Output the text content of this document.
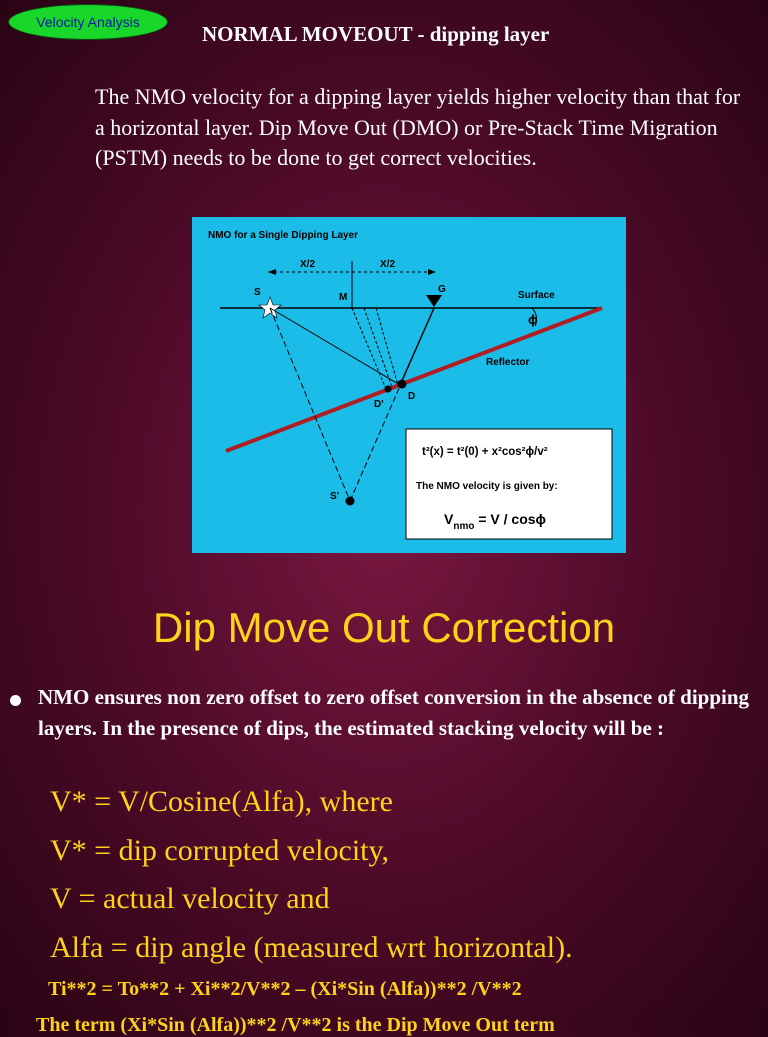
Velocity Analysis	NORMAL MOVEOUT - dipping layer
The NMO velocity for a dipping layer yields higher velocity than that for a horizontal layer. Dip Move Out (DMO) or Pre-Stack Time Migration (PSTM) needs to be done to get correct velocities.
NMO for a Single Dipping Layer
X/2	X/2
Surface
S	M
G
Reflector
ϕ
D
D'
S'
t²(x) = t²(0) + x²cos²ϕ/v²
The NMO velocity is given by:
$V_{nmo} = V / \cos\phi$
Dip Move Out Correction
NMO ensures non zero offset to zero offset conversion in the absence of dipping layers. In the presence of dips, the estimated stacking velocity will be :
V* = V/Cosine(Alfa), where
V* = dip corrupted velocity,
V = actual velocity and
Alfa = dip angle (measured wrt horizontal).
Ti**2 = To**2 + Xi**2/V**2 – (Xi*Sin (Alfa))**2 /V**2
The term (Xi*Sin (Alfa))**2 /V**2 is the Dip Move Out term
